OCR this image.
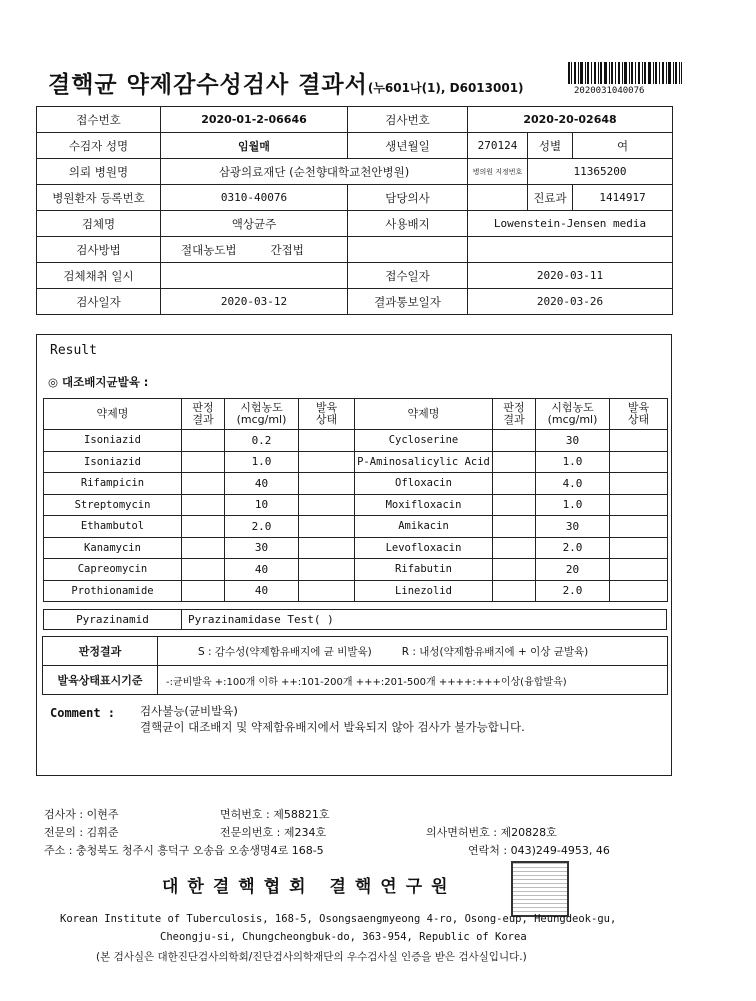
결핵균 약제감수성검사 결과서(누601나(1), D6013001)	2020031040076
접수번호	2020-01-2-06646	검사번호	2020-20-02648		
수검자 성명	임월매	생년월일	270124	성별	여
의뢰 병원명	삼광의료재단 (순천향대학교천안병원)		병의원 지정번호	11365200	
병원환자 등록번호	0310-40076	담당의사		진료과	1414917
검체명	액상균주	사용배지	Lowenstein-Jensen media		
검사방법	절대농도법 간접법				
검체채취 일시		접수일자	2020-03-11		
검사일자	2020-03-12	결과통보일자	2020-03-26		
Result
◎ 대조배지균발육 :
약제명	판정 결과	시험농도 (mcg/ml)	발육 상태	약제명	판정 결과	시험농도 (mcg/ml)	발육 상태
Isoniazid		0.2		Cycloserine		30	
Isoniazid		1.0		P-Aminosalicylic Acid		1.0	
Rifampicin		40		Ofloxacin		4.0	
Streptomycin		10		Moxifloxacin		1.0	
Ethambutol		2.0		Amikacin		30	
Kanamycin		30		Levofloxacin		2.0	
Capreomycin		40		Rifabutin		20	
Prothionamide		40		Linezolid		2.0	
Pyrazinamid	Pyrazinamidase Test( )
판정결과	S : 감수성(약제함유배지에 균 비발육) R : 내성(약제함유배지에 + 이상 균발육)
발육상태표시기준	-:균비발육 +:100개 이하 ++:101-200개 +++:201-500개 ++++:+++이상(융합발육)
Comment : 검사불능(균비발육)
결핵균이 대조배지 및 약제함유배지에서 발육되지 않아 검사가 불가능합니다.
검사자 : 이현주	면허번호 : 제58821호
전문의 : 김휘준	전문의번호 : 제234호	의사면허번호 : 제20828호
주소 : 충청북도 청주시 흥덕구 오송읍 오송생명4로 168-5	연락처 : 043)249-4953, 46
대한결핵협회 결핵연구원
Korean Institute of Tuberculosis, 168-5, Osongsaengmyeong 4-ro, Osong-eup, Heungdeok-gu,
Cheongju-si, Chungcheongbuk-do, 363-954, Republic of Korea
(본 검사실은 대한진단검사의학회/진단검사의학재단의 우수검사실 인증을 받은 검사실입니다.)
